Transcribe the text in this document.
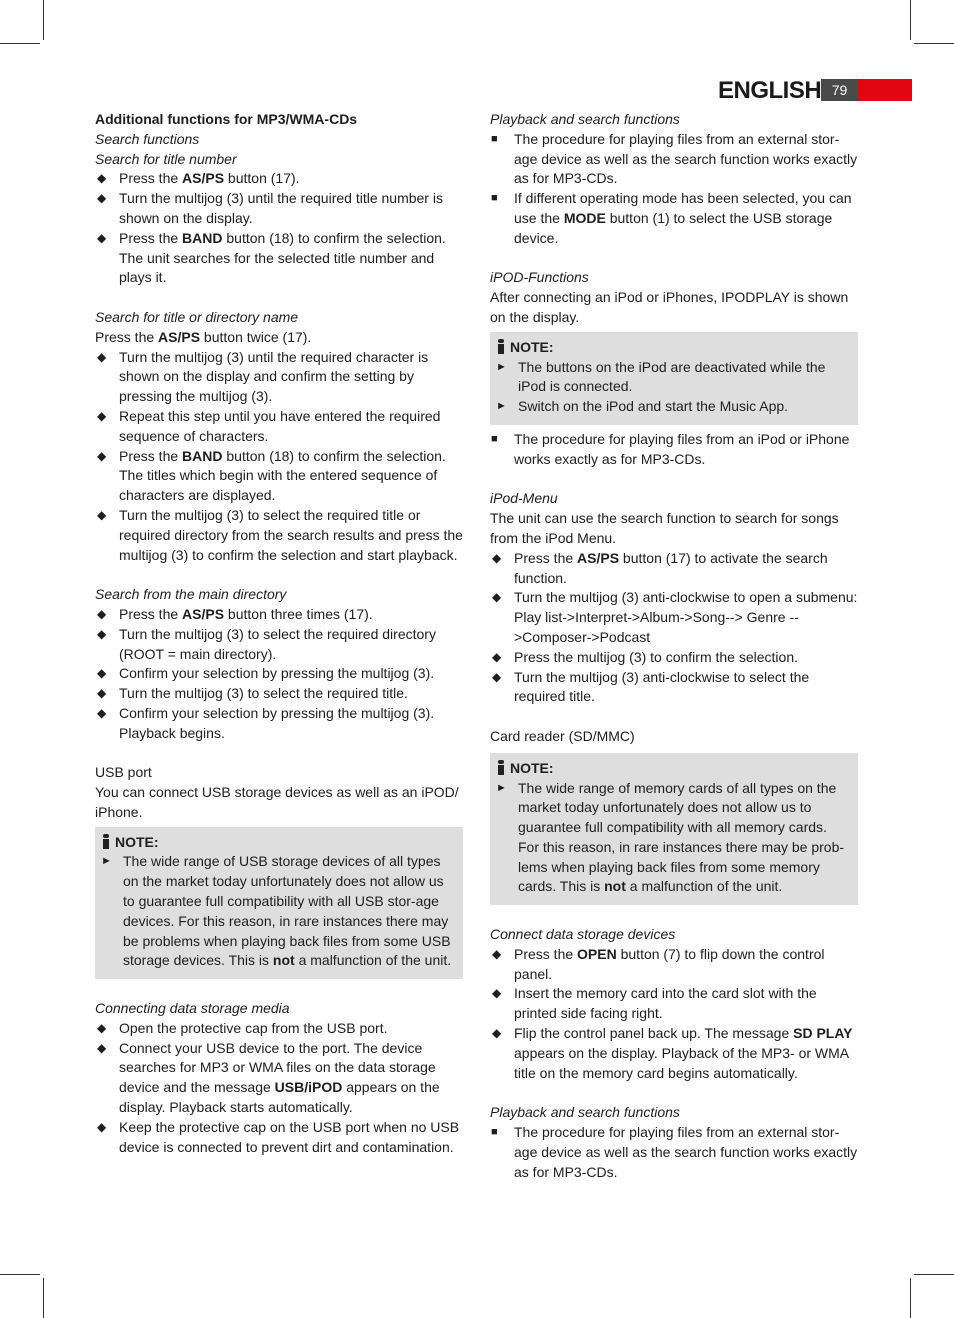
ENGLISH 79

Additional functions for MP3/WMA-CDs

Search functions

Search for title number

◆ Press the AS/PS button (17).
◆ Turn the multijog (3) until the required title number is shown on the display.
◆ Press the BAND button (18) to confirm the selection. The unit searches for the selected title number and plays it.

Search for title or directory name

Press the AS/PS button twice (17).

◆ Turn the multijog (3) until the required character is shown on the display and confirm the setting by pressing the multijog (3).
◆ Repeat this step until you have entered the required sequence of characters.
◆ Press the BAND button (18) to confirm the selection. The titles which begin with the entered sequence of characters are displayed.
◆ Turn the multijog (3) to select the required title or required directory from the search results and press the multijog (3) to confirm the selection and start playback.

Search from the main directory

◆ Press the AS/PS button three times (17).
◆ Turn the multijog (3) to select the required directory (ROOT = main directory).
◆ Confirm your selection by pressing the multijog (3).
◆ Turn the multijog (3) to select the required title.
◆ Confirm your selection by pressing the multijog (3). Playback begins.

USB port

You can connect USB storage devices as well as an iPOD/ iPhone.

NOTE:
► The wide range of USB storage devices of all types on the market today unfortunately does not allow us to guarantee full compatibility with all USB stor-age devices. For this reason, in rare instances there may be problems when playing back files from some USB storage devices. This is not a malfunction of the unit.

Connecting data storage media

◆ Open the protective cap from the USB port.
◆ Connect your USB device to the port. The device searches for MP3 or WMA files on the data storage device and the message USB/iPOD appears on the display. Playback starts automatically.
◆ Keep the protective cap on the USB port when no USB device is connected to prevent dirt and contamination.

Playback and search functions

■ The procedure for playing files from an external stor-age device as well as the search function works exactly as for MP3-CDs.
■ If different operating mode has been selected, you can use the MODE button (1) to select the USB storage device.

iPOD-Functions

After connecting an iPod or iPhones, IPODPLAY is shown on the display.

NOTE:
► The buttons on the iPod are deactivated while the iPod is connected.
► Switch on the iPod and start the Music App.
■ The procedure for playing files from an iPod or iPhone works exactly as for MP3-CDs.

iPod-Menu

The unit can use the search function to search for songs from the iPod Menu.

◆ Press the AS/PS button (17) to activate the search function.
◆ Turn the multijog (3) anti-clockwise to open a submenu:
Play list->Interpret->Album->Song--> Genre -->Composer->Podcast
◆ Press the multijog (3) to confirm the selection.
◆ Turn the multijog (3) anti-clockwise to select the required title.

Card reader (SD/MMC)

NOTE:
► The wide range of memory cards of all types on the market today unfortunately does not allow us to guarantee full compatibility with all memory cards. For this reason, in rare instances there may be prob-lems when playing back files from some memory cards. This is not a malfunction of the unit.

Connect data storage devices

◆ Press the OPEN button (7) to flip down the control panel.
◆ Insert the memory card into the card slot with the printed side facing right.
◆ Flip the control panel back up. The message SD PLAY appears on the display. Playback of the MP3- or WMA title on the memory card begins automatically.

Playback and search functions

■ The procedure for playing files from an external stor-age device as well as the search function works exactly as for MP3-CDs.
